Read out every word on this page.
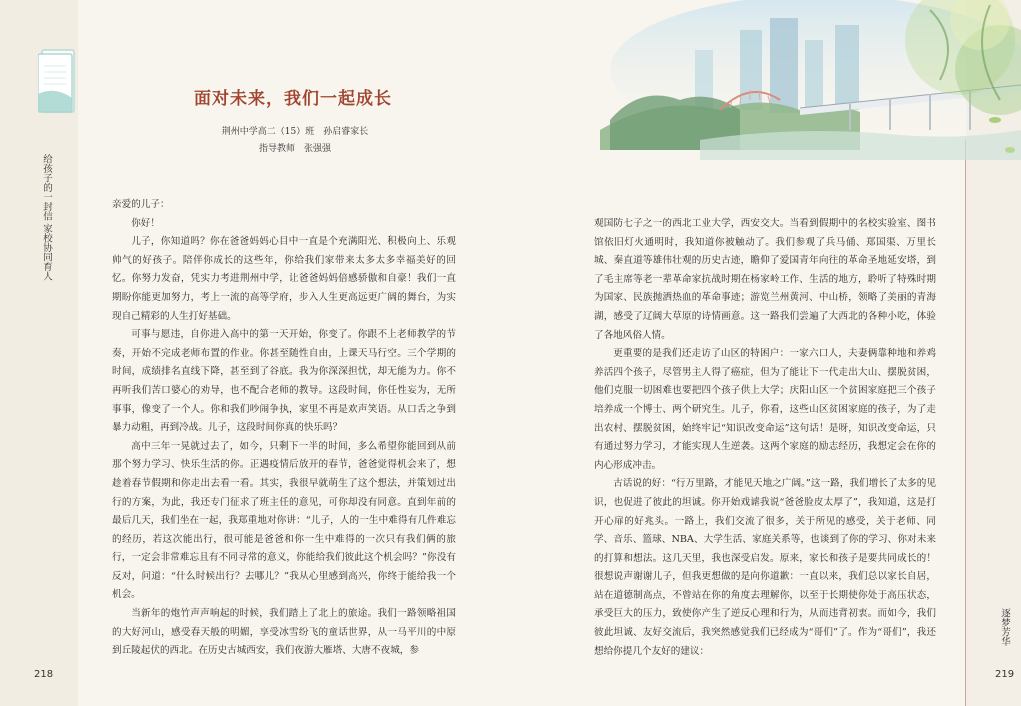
给孩子的一封信 家校协同育人
218
面对未来，我们一起成长
荆州中学高二（15）班　孙启睿家长
指导教师　张强强

亲爱的儿子：

你好！

儿子，你知道吗？你在爸爸妈妈心目中一直是个充满阳光、积极向上、乐观帅气的好孩子。陪伴你成长的这些年，你给我们家带来太多太多幸福美好的回忆。你努力发奋，凭实力考进荆州中学，让爸爸妈妈倍感骄傲和自豪！我们一直期盼你能更加努力，考上一流的高等学府，步入人生更高远更广阔的舞台，为实现自己精彩的人生打好基础。

可事与愿违，自你进入高中的第一天开始，你变了。你跟不上老师教学的节奏，开始不完成老师布置的作业。你甚至随性自由，上课天马行空。三个学期的时间，成绩排名直线下降，甚至到了谷底。我为你深深担忧，却无能为力。你不再听我们苦口婆心的劝导，也不配合老师的教导。这段时间，你任性妄为，无所事事，像变了一个人。你和我们吵闹争执，家里不再是欢声笑语。从口舌之争到暴力动粗，再到冷战。儿子，这段时间你真的快乐吗？

高中三年一晃就过去了，如今，只剩下一半的时间，多么希望你能回到从前那个努力学习、快乐生活的你。正遇疫情后放开的春节，爸爸觉得机会来了，想趁着春节假期和你走出去看一看。其实，我很早就萌生了这个想法，并策划过出行的方案，为此，我还专门征求了班主任的意见，可你却没有同意。直到年前的最后几天，我们坐在一起，我郑重地对你讲：“儿子，人的一生中难得有几件难忘的经历，若这次能出行，很可能是爸爸和你一生中难得的一次只有我们俩的旅行，一定会非常难忘且有不同寻常的意义，你能给我们彼此这个机会吗？”你没有反对，问道：“什么时候出行？去哪儿？”我从心里感到高兴，你终于能给我一个机会。

当新年的炮竹声声响起的时候，我们踏上了北上的旅途。我们一路领略祖国的大好河山，感受春天般的明媚，享受冰雪纷飞的童话世界，从一马平川的中原到丘陵起伏的西北。在历史古城西安，我们夜游大雁塔、大唐不夜城，参

观国防七子之一的西北工业大学，西安交大。当看到假期中的名校实验室、图书馆依旧灯火通明时，我知道你被触动了。我们参观了兵马俑、郑国渠、万里长城、秦直道等雄伟壮观的历史古迹，瞻仰了爱国青年向往的革命圣地延安塔，到了毛主席等老一辈革命家抗战时期在杨家岭工作、生活的地方，聆听了特殊时期为国家、民族抛洒热血的革命事迹；游览兰州黄河、中山桥，领略了美丽的青海湖，感受了辽阔大草原的诗情画意。这一路我们尝遍了大西北的各种小吃，体验了各地风俗人情。

更重要的是我们还走访了山区的特困户：一家六口人，夫妻俩靠种地和养鸡养活四个孩子，尽管男主人得了癌症，但为了能让下一代走出大山、摆脱贫困，他们克服一切困难也要把四个孩子供上大学；庆阳山区一个贫困家庭把三个孩子培养成一个博士、两个研究生。儿子，你看，这些山区贫困家庭的孩子，为了走出农村、摆脱贫困，始终牢记“知识改变命运”这句话！是呀，知识改变命运，只有通过努力学习，才能实现人生逆袭。这两个家庭的励志经历，我想定会在你的内心形成冲击。

古话说的好：“行万里路，才能见天地之广阔。”这一路，我们增长了太多的见识，也促进了彼此的坦诚。你开始戏谑我说“爸爸脸皮太厚了”，我知道，这是打开心扉的好兆头。一路上，我们交流了很多，关于所见的感受，关于老师、同学、音乐、篮球、NBA、大学生活、家庭关系等，也谈到了你的学习、你对未来的打算和想法。这几天里，我也深受启发。原来，家长和孩子是要共同成长的！很想说声谢谢儿子，但我更想做的是向你道歉：一直以来，我们总以家长自居，站在道德制高点，不曾站在你的角度去理解你，以至于长期使你处于高压状态，承受巨大的压力，致使你产生了逆反心理和行为，从而违背初衷。而如今，我们彼此坦诚、友好交流后，我突然感觉我们已经成为“哥们”了。作为“哥们”，我还想给你提几个友好的建议：

逐梦芳华
219
